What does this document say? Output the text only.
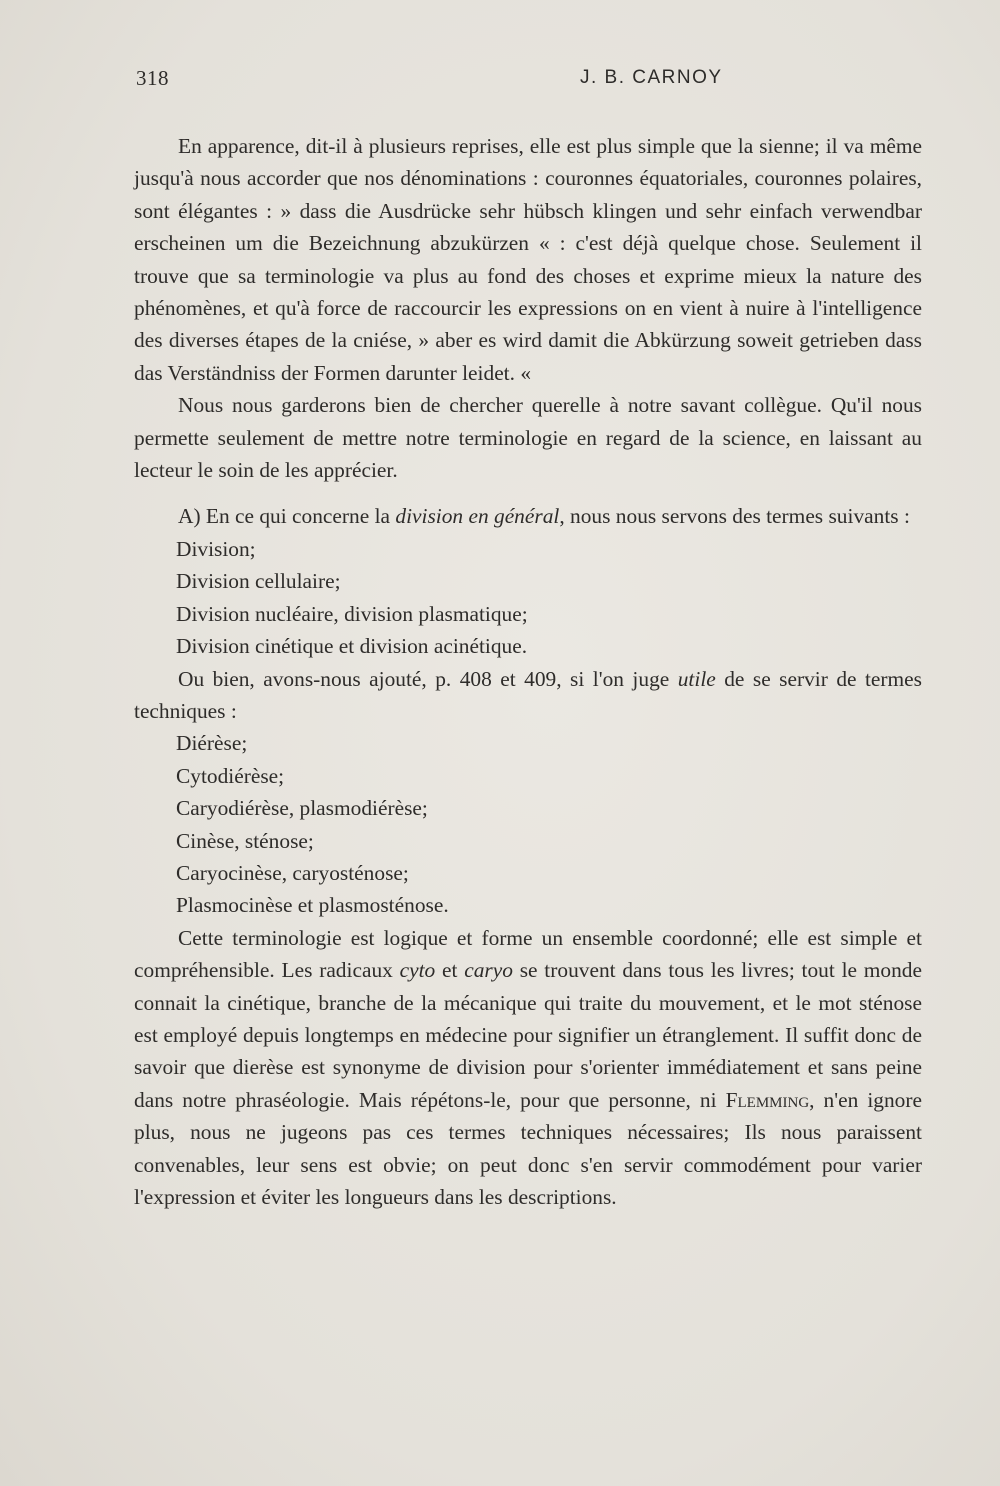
318	J. B. CARNOY

En apparence, dit-il à plusieurs reprises, elle est plus simple que la sienne; il va même jusqu'à nous accorder que nos dénominations : couronnes équatoriales, couronnes polaires, sont élégantes : » dass die Ausdrücke sehr hübsch klingen und sehr einfach verwendbar erscheinen um die Bezeichnung abzukürzen « : c'est déjà quelque chose. Seulement il trouve que sa terminologie va plus au fond des choses et exprime mieux la nature des phénomènes, et qu'à force de raccourcir les expressions on en vient à nuire à l'intelligence des diverses étapes de la cniése, » aber es wird damit die Abkürzung soweit getrieben dass das Verständniss der Formen darunter leidet. «

Nous nous garderons bien de chercher querelle à notre savant collègue. Qu'il nous permette seulement de mettre notre terminologie en regard de la science, en laissant au lecteur le soin de les apprécier.

A) En ce qui concerne la division en général, nous nous servons des termes suivants :

Division;
Division cellulaire;
Division nucléaire, division plasmatique;
Division cinétique et division acinétique.

Ou bien, avons-nous ajouté, p. 408 et 409, si l'on juge utile de se servir de termes techniques :

Diérèse;
Cytodiérèse;
Caryodiérèse, plasmodiérèse;
Cinèse, sténose;
Caryocinèse, caryosténose;
Plasmocinèse et plasmosténose.

Cette terminologie est logique et forme un ensemble coordonné; elle est simple et compréhensible. Les radicaux cyto et caryo se trouvent dans tous les livres; tout le monde connait la cinétique, branche de la mécanique qui traite du mouvement, et le mot sténose est employé depuis longtemps en médecine pour signifier un étranglement. Il suffit donc de savoir que dierèse est synonyme de division pour s'orienter immédiatement et sans peine dans notre phraséologie. Mais répétons-le, pour que personne, ni Flemming, n'en ignore plus, nous ne jugeons pas ces termes techniques nécessaires; Ils nous paraissent convenables, leur sens est obvie; on peut donc s'en servir commodément pour varier l'expression et éviter les longueurs dans les descriptions.
